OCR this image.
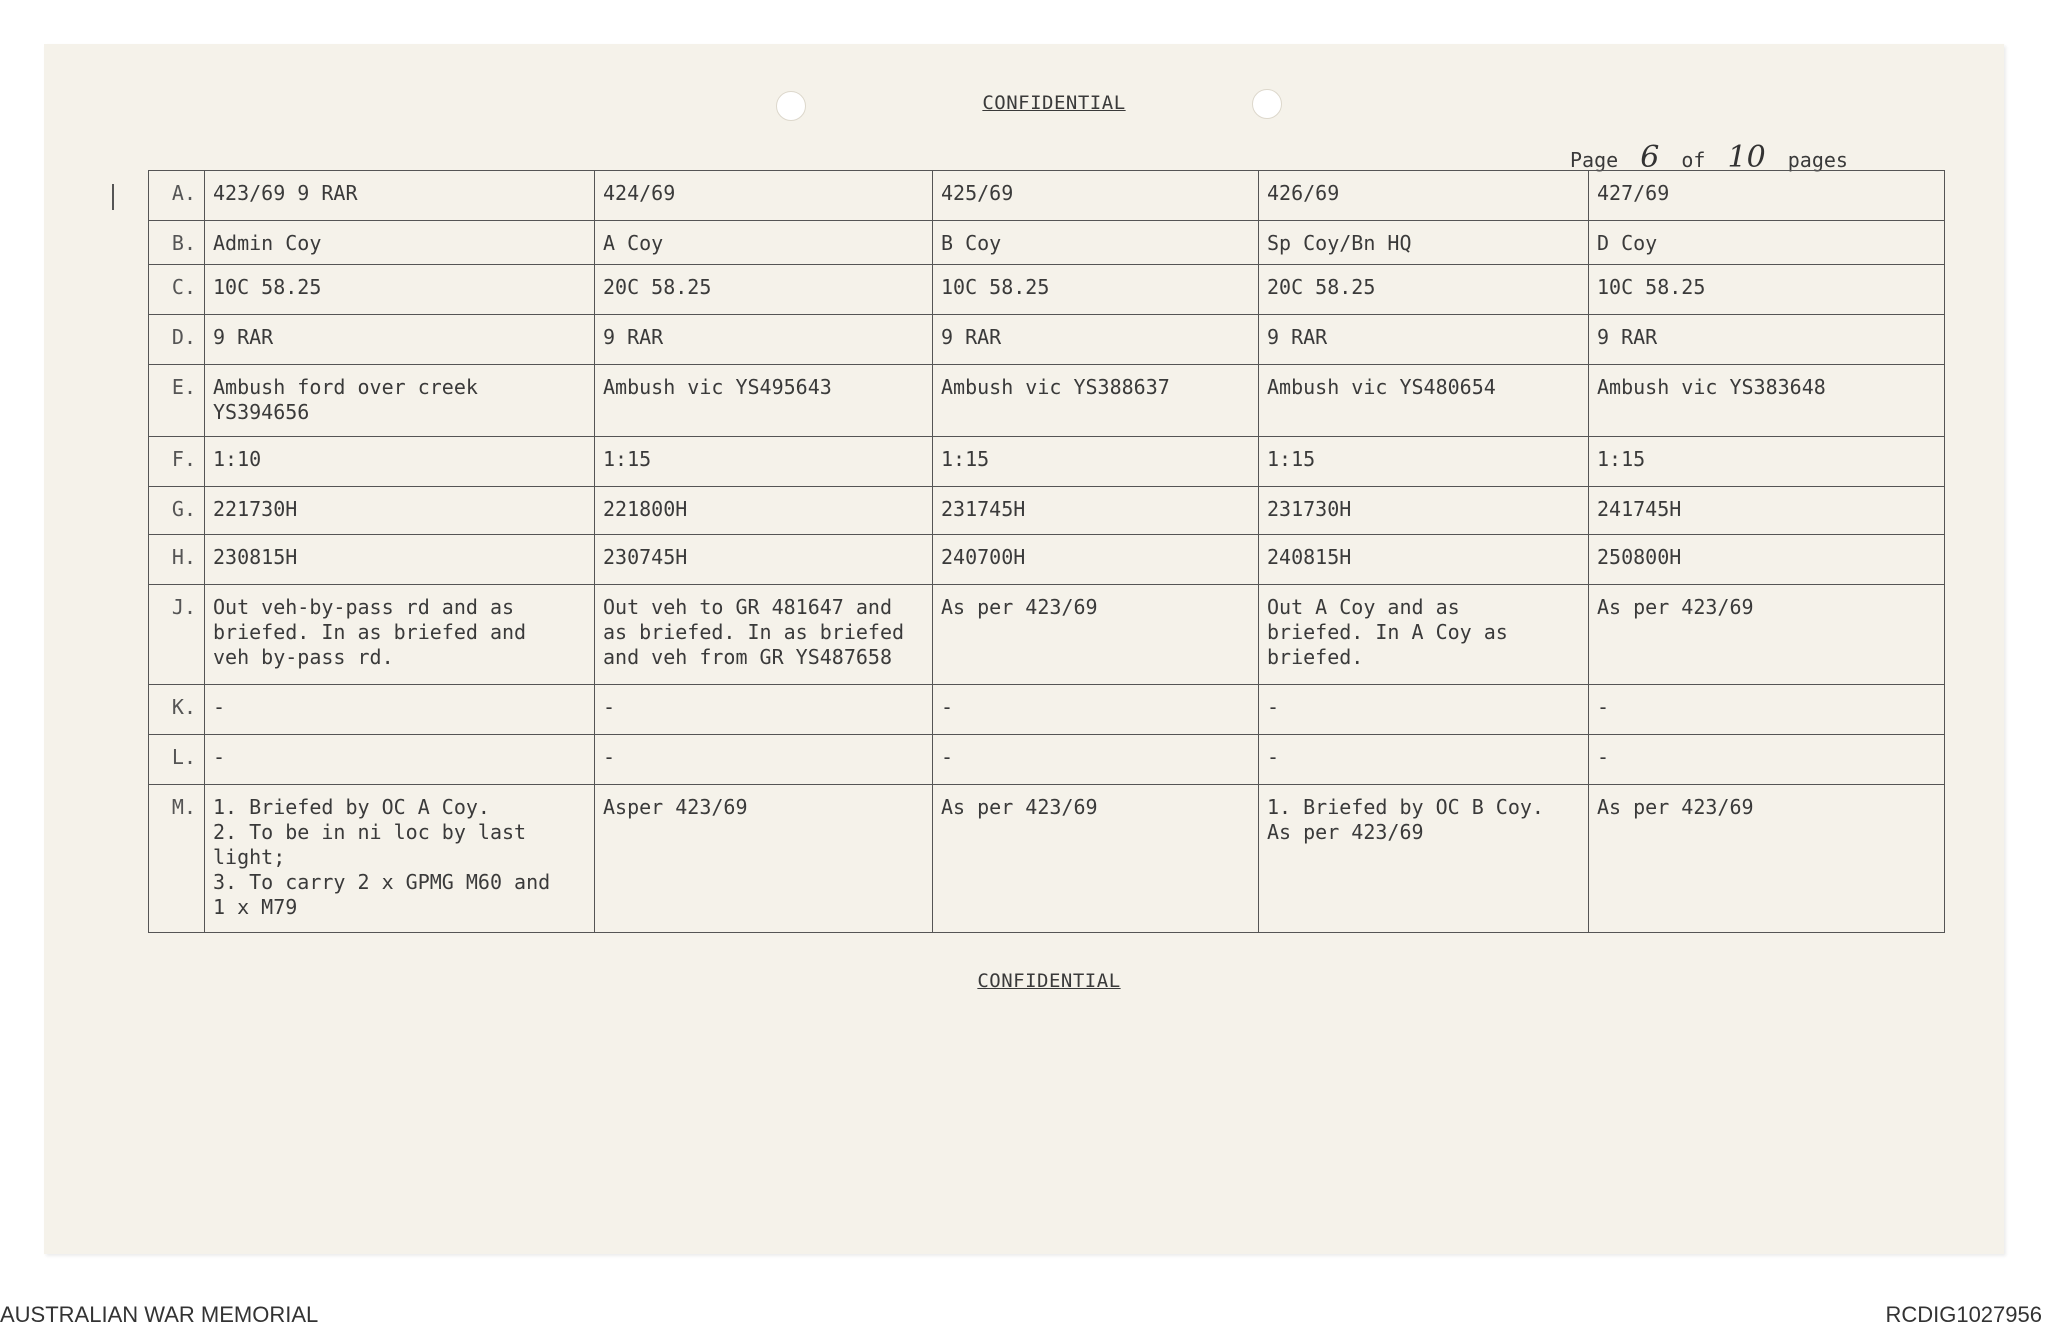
CONFIDENTIAL
Page 6 of 10 pages
A.	423/69 9 RAR	424/69	425/69	426/69	427/69
B.	Admin Coy	A Coy	B Coy	Sp Coy/Bn HQ	D Coy
C.	10C 58.25	20C 58.25	10C 58.25	20C 58.25	10C 58.25
D.	9 RAR	9 RAR	9 RAR	9 RAR	9 RAR
E.	Ambush ford over creek
YS394656	Ambush vic YS495643	Ambush vic YS388637	Ambush vic YS480654	Ambush vic YS383648
F.	1:10	1:15	1:15	1:15	1:15
G.	221730H	221800H	231745H	231730H	241745H
H.	230815H	230745H	240700H	240815H	250800H
J.	Out veh-by-pass rd and as
briefed. In as briefed and
veh by-pass rd.	Out veh to GR 481647 and
as briefed. In as briefed
and veh from GR YS487658	As per 423/69	Out A Coy and as
briefed. In A Coy as
briefed.	As per 423/69
K.	-	-	-	-	-
L.	-	-	-	-	-
M.	1. Briefed by OC A Coy.
2. To be in ni loc by last
light;
3. To carry 2 x GPMG M60 and
1 x M79	Asper 423/69	As per 423/69	1. Briefed by OC B Coy.
As per 423/69	As per 423/69
CONFIDENTIAL
AUSTRALIAN WAR MEMORIAL	RCDIG1027956
